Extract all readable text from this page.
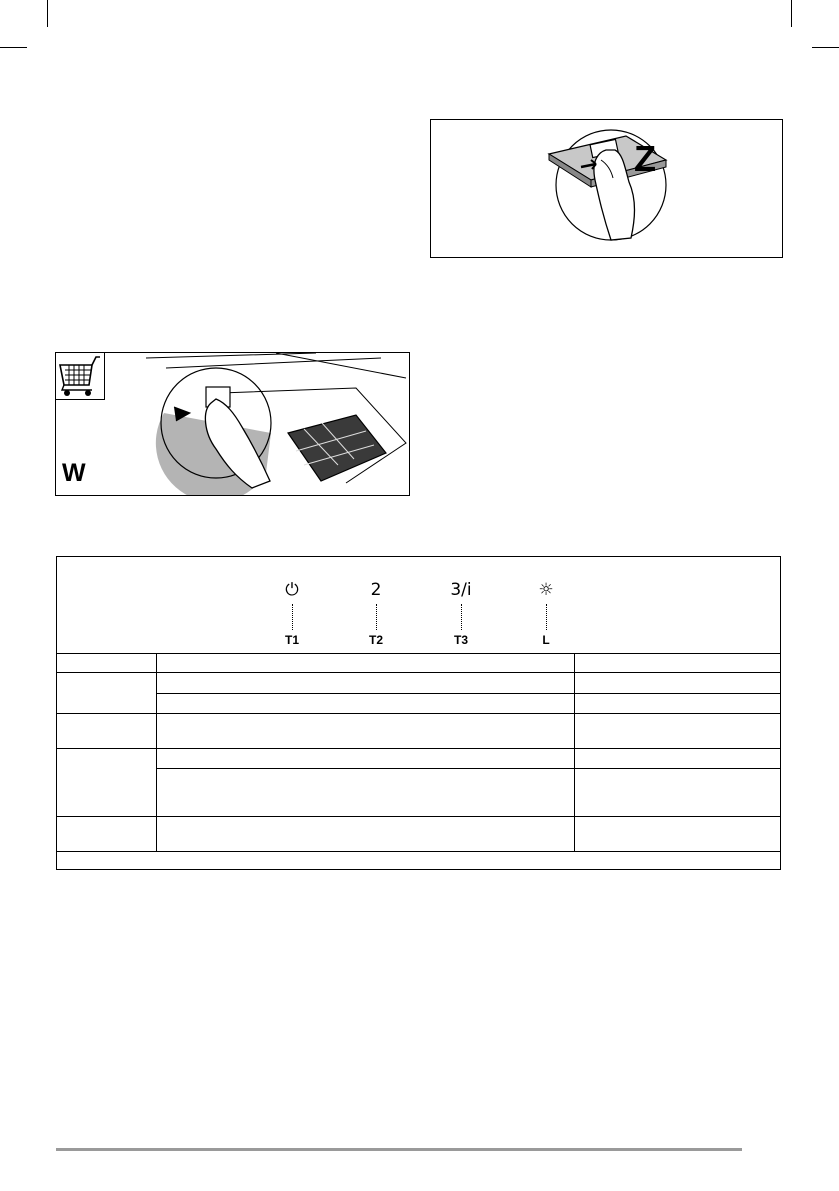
Z
W
⏻
T1
2
T2
3/i
T3
☼
L
